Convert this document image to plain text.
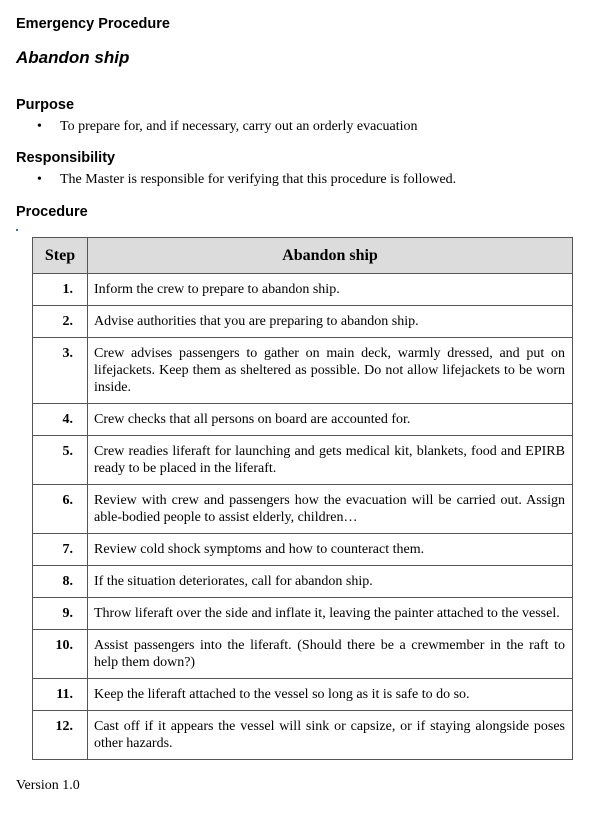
Emergency Procedure
Abandon ship
Purpose
•	To prepare for, and if necessary, carry out an orderly evacuation
Responsibility
•	The Master is responsible for verifying that this procedure is followed.
Procedure
Step	Abandon ship
1.	Inform the crew to prepare to abandon ship.
2.	Advise authorities that you are preparing to abandon ship.
3.	Crew advises passengers to gather on main deck, warmly dressed, and put on lifejackets. Keep them as sheltered as possible. Do not allow lifejackets to be worn inside.
4.	Crew checks that all persons on board are accounted for.
5.	Crew readies liferaft for launching and gets medical kit, blankets, food and EPIRB ready to be placed in the liferaft.
6.	Review with crew and passengers how the evacuation will be carried out. Assign able-bodied people to assist elderly, children…
7.	Review cold shock symptoms and how to counteract them.
8.	If the situation deteriorates, call for abandon ship.
9.	Throw liferaft over the side and inflate it, leaving the painter attached to the vessel.
10.	Assist passengers into the liferaft. (Should there be a crewmember in the raft to help them down?)
11.	Keep the liferaft attached to the vessel so long as it is safe to do so.
12.	Cast off if it appears the vessel will sink or capsize, or if staying alongside poses other hazards.
Version 1.0
